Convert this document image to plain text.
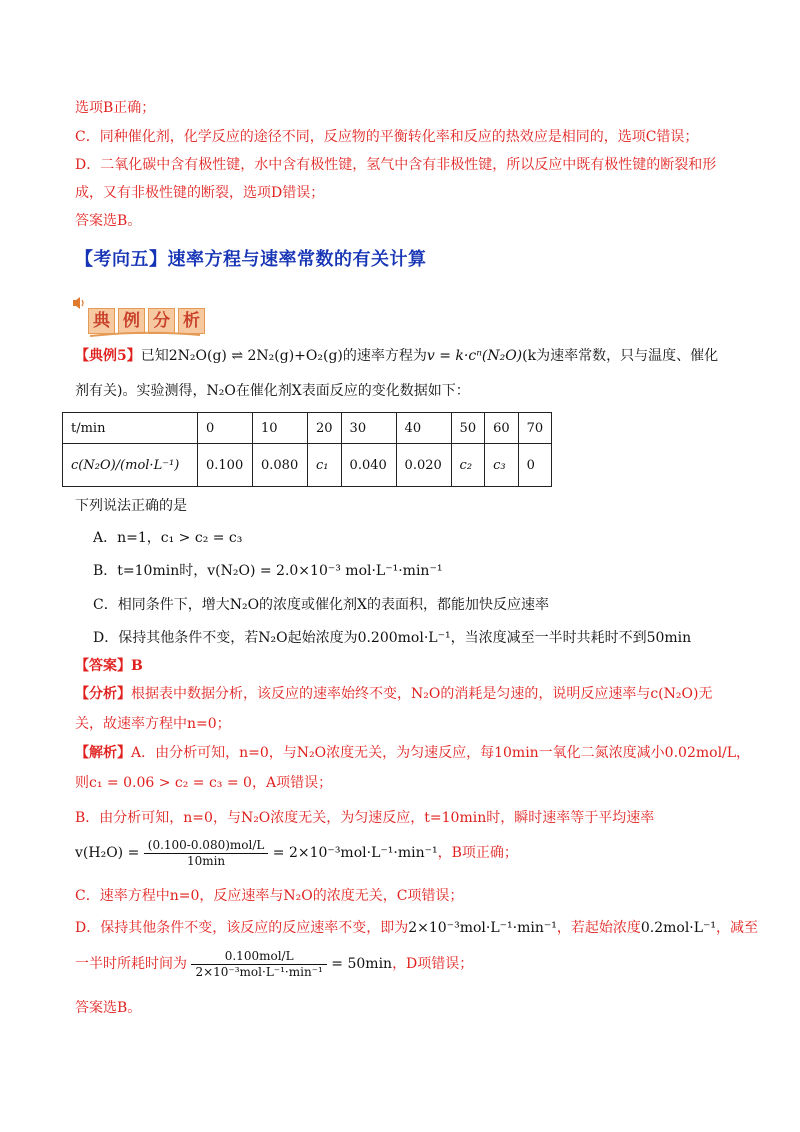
选项B正确；
C．同种催化剂，化学反应的途径不同，反应物的平衡转化率和反应的热效应是相同的，选项C错误；
D．二氧化碳中含有极性键，水中含有极性键，氢气中含有非极性键，所以反应中既有极性键的断裂和形
成，又有非极性键的断裂，选项D错误；
答案选B。
【考向五】速率方程与速率常数的有关计算
典 例 分 析
【典例5】已知2N₂O(g) ⇌ 2N₂(g)+O₂(g)的速率方程为v = k·cⁿ(N₂O)(k为速率常数，只与温度、催化
剂有关)。实验测得，N₂O在催化剂X表面反应的变化数据如下：
t/min	0	10	20	30	40	50	60	70
c(N₂O)/(mol·L⁻¹)	0.100	0.080	c₁	0.040	0.020	c₂	c₃	0
下列说法正确的是
A．n=1，c₁ > c₂ = c₃
B．t=10min时，v(N₂O) = 2.0×10⁻³ mol·L⁻¹·min⁻¹
C．相同条件下，增大N₂O的浓度或催化剂X的表面积，都能加快反应速率
D．保持其他条件不变，若N₂O起始浓度为0.200mol·L⁻¹，当浓度减至一半时共耗时不到50min
【答案】B
【分析】根据表中数据分析，该反应的速率始终不变，N₂O的消耗是匀速的，说明反应速率与c(N₂O)无
关，故速率方程中n=0；
【解析】A．由分析可知，n=0，与N₂O浓度无关，为匀速反应，每10min一氧化二氮浓度减小0.02mol/L，
则c₁ = 0.06 > c₂ = c₃ = 0，A项错误；
B．由分析可知，n=0，与N₂O浓度无关，为匀速反应，t=10min时，瞬时速率等于平均速率
$v(H_2O) = \frac{\text{(0.100-0.080)mol/L}}{10\min} = 2\times 10^{-3}mol\cdot L^{-1}\cdot\min^{-1}$，B项正确；
C．速率方程中n=0，反应速率与N₂O的浓度无关，C项错误；
D．保持其他条件不变，该反应的反应速率不变，即为2×10⁻³mol·L⁻¹·min⁻¹，若起始浓度0.2mol·L⁻¹，减至
一半时所耗时间为 $\frac{\text{0.100mol/L}}{\text{2×10⁻³mol·L⁻¹·min⁻¹}} = 50\min$，D项错误；
答案选B。
